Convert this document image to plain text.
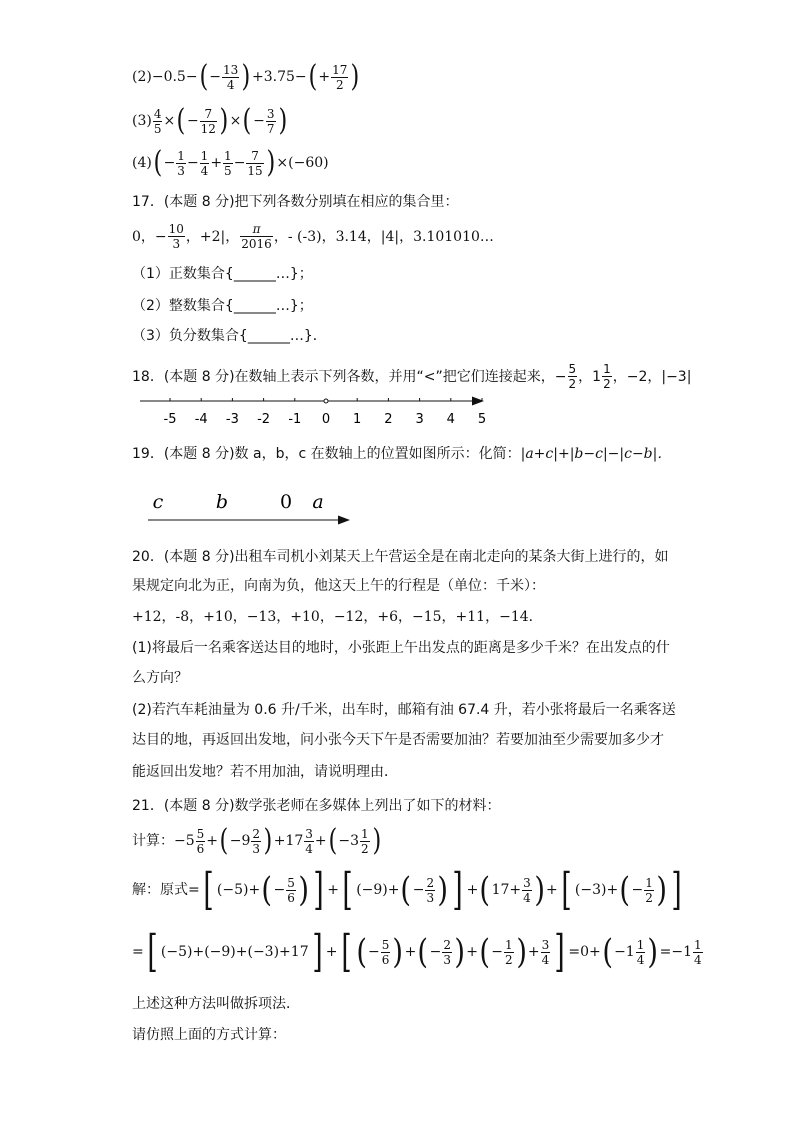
$(2)-0.5-(- \frac{13}{4} )+3.75-(+ \frac{17}{2}$ )
$(3) \frac{4}{5}$ ×(− $\frac{7}{12}$ )×(− $\frac{3}{7}$ )
$(4)(- \frac{1}{3} - \frac{1}{4} + \frac{1}{5} - \frac{7}{15} )\times(-60)$
17．(本题 8 分)把下列各数分别填在相应的集合里：
0，− $\frac{10}{3}$ ，+2|， $\frac{\pi}{2016}$ ，- (-3)，3.14，|4|，3.101010…
（1）正数集合{______…}；
（2）整数集合{______…}；
（3）负分数集合{______…}．
18．(本题 8 分)在数轴上表示下列各数，并用“<”把它们连接起来，− $\frac{5}{2}$ ，$1 \frac{1}{2}$ ，−2，|−3|
-5 -4 -3 -2 -1 0 1 2 3 4 5
19．(本题 8 分)数 a，b，c 在数轴上的位置如图所示：化简：|a+c|+|b−c|−|c−b|．
c	b	0 a
20．(本题 8 分)出租车司机小刘某天上午营运全是在南北走向的某条大街上进行的，如
果规定向北为正，向南为负，他这天上午的行程是（单位：千米）：
+12，-8，+10，−13，+10，−12，+6，−15，+11，−14．
(1)将最后一名乘客送达目的地时，小张距上午出发点的距离是多少千米？在出发点的什
么方向？
(2)若汽车耗油量为 0.6 升/千米，出车时，邮箱有油 67.4 升，若小张将最后一名乘客送
达目的地，再返回出发地，问小张今天下午是否需要加油？若要加油至少需要加多少才
能返回出发地？若不用加油，请说明理由．
21．(本题 8 分)数学张老师在多媒体上列出了如下的材料：
计算：$-5 \frac{5}{6} +(-9 \frac{2}{3} )+17 \frac{3}{4} +(-3 \frac{1}{2}$ )
解：原式=[ $(-5)+(- \frac{5}{6}$ ) ] +[ $(-9)+(- \frac{2}{3}$ ) ] $+(17+ \frac{3}{4}$ )+[ $(-3)+(- \frac{1}{2}$ ) ]
=[ (−5)+(−9)+(−3)+17] +[ (− $\frac{5}{6}$ )+(− $\frac{2}{3}$ )+(− $\frac{1}{2}$ )+ $\frac{3}{4}$ ] $=0+(-1 \frac{1}{4} )=-1 \frac{1}{4}$
上述这种方法叫做拆项法．
请仿照上面的方式计算：
